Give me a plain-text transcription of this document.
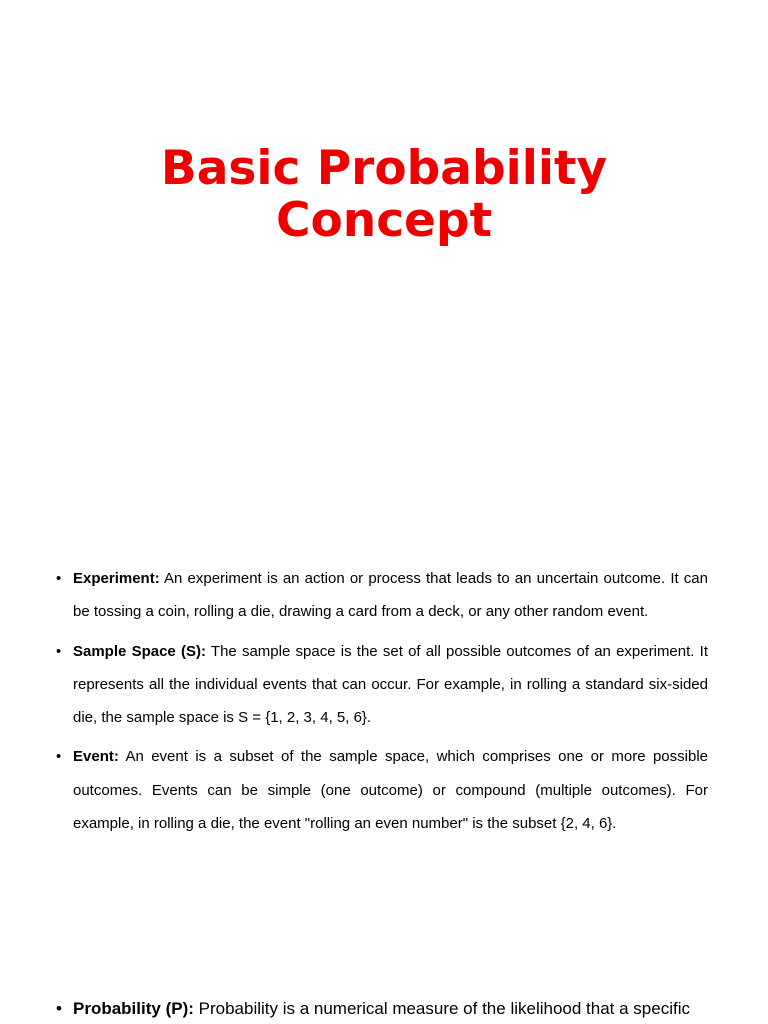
Basic Probability
Concept
• Experiment: An experiment is an action or process that leads to an uncertain outcome. It can be tossing a coin, rolling a die, drawing a card from a deck, or any other random event.
• Sample Space (S): The sample space is the set of all possible outcomes of an experiment. It represents all the individual events that can occur. For example, in rolling a standard six-sided die, the sample space is S = {1, 2, 3, 4, 5, 6}.
• Event: An event is a subset of the sample space, which comprises one or more possible outcomes. Events can be simple (one outcome) or compound (multiple outcomes). For example, in rolling a die, the event "rolling an even number" is the subset {2, 4, 6}.
• Probability (P): Probability is a numerical measure of the likelihood that a specific
